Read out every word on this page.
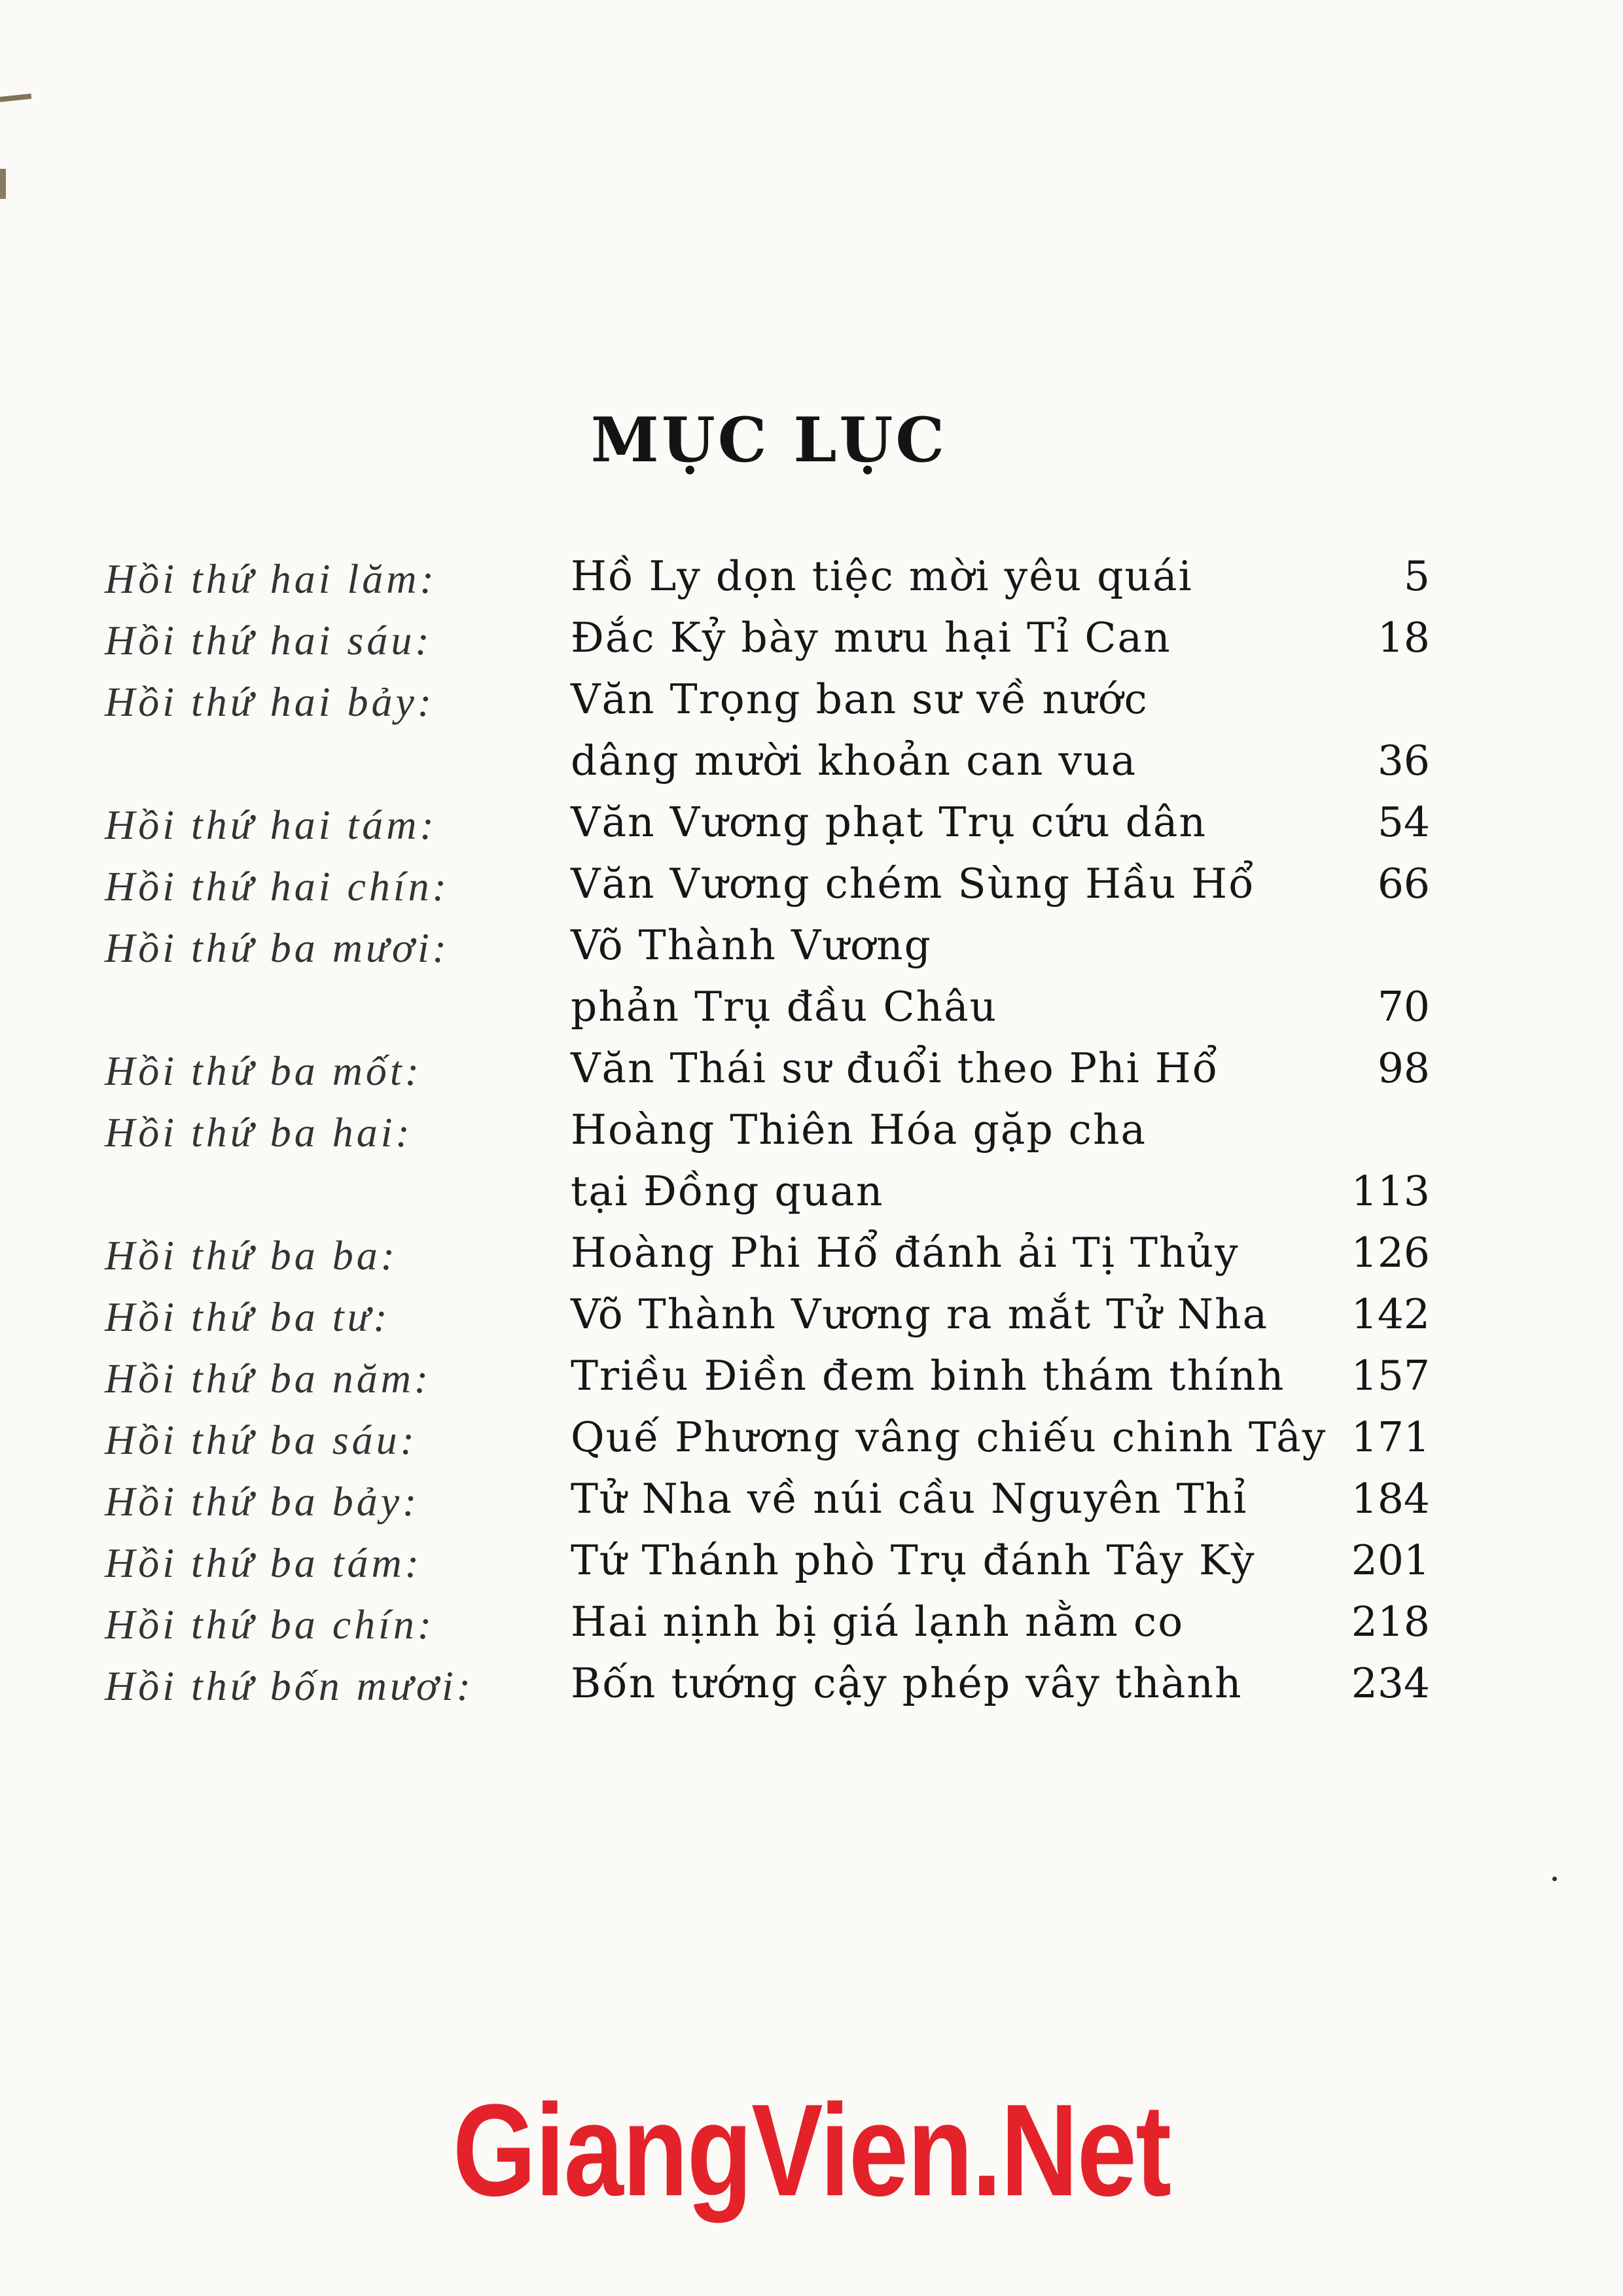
MỤC LỤC
Hồi thứ hai lăm:	Hồ Ly dọn tiệc mời yêu quái	5
Hồi thứ hai sáu:	Đắc Kỷ bày mưu hại Tỉ Can	18
Hồi thứ hai bảy:	Văn Trọng ban sư về nước
dâng mười khoản can vua	36
Hồi thứ hai tám:	Văn Vương phạt Trụ cứu dân	54
Hồi thứ hai chín:	Văn Vương chém Sùng Hầu Hổ	66
Hồi thứ ba mươi:	Võ Thành Vương
phản Trụ đầu Châu	70
Hồi thứ ba mốt:	Văn Thái sư đuổi theo Phi Hổ	98
Hồi thứ ba hai:	Hoàng Thiên Hóa gặp cha
tại Đồng quan	113
Hồi thứ ba ba:	Hoàng Phi Hổ đánh ải Tị Thủy	126
Hồi thứ ba tư:	Võ Thành Vương ra mắt Tử Nha 142
Hồi thứ ba năm:	Triều Điền đem binh thám thính 157
Hồi thứ ba sáu:	Quế Phương vâng chiếu chinh Tây 171
Hồi thứ ba bảy:	Tử Nha về núi cầu Nguyên Thỉ	184
Hồi thứ ba tám:	Tứ Thánh phò Trụ đánh Tây Kỳ 201
Hồi thứ ba chín:	Hai nịnh bị giá lạnh nằm co	218
Hồi thứ bốn mươi: Bốn tướng cậy phép vây thành	234
GiangVien.Net
